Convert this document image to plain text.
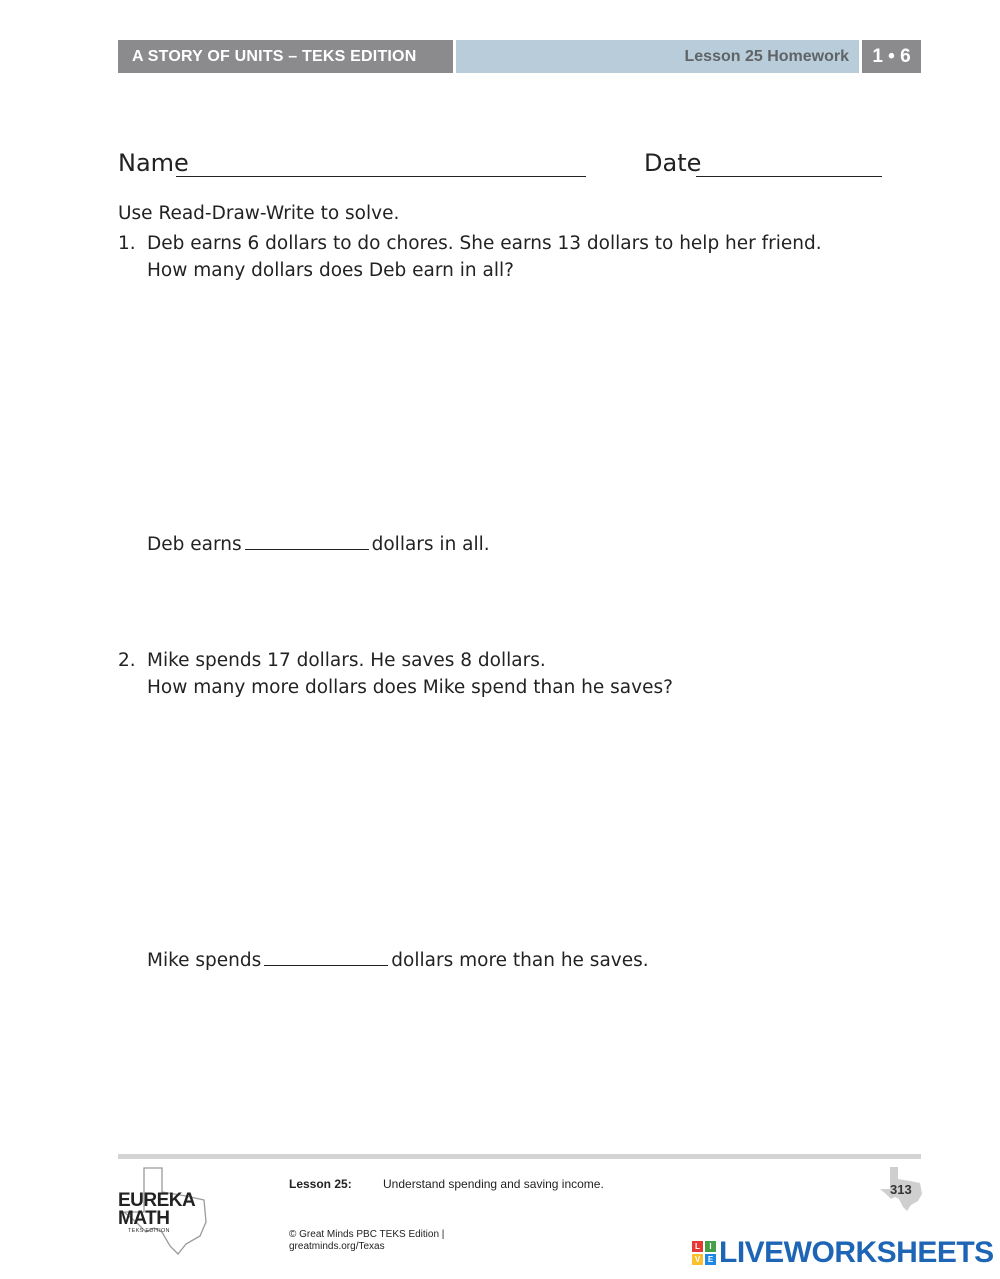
A STORY OF UNITS – TEKS EDITION	Lesson 25 Homework	1 • 6
Name	Date
Use Read-Draw-Write to solve.
1. Deb earns 6 dollars to do chores. She earns 13 dollars to help her friend.
How many dollars does Deb earn in all?
Deb earns	dollars in all.
2. Mike spends 17 dollars. He saves 8 dollars.
How many more dollars does Mike spend than he saves?
Mike spends	dollars more than he saves.
EUREKA
MATH
TEKS EDITION
Lesson 25:	Understand spending and saving income.
© Great Minds PBC TEKS Edition |
greatminds.org/Texas
313
L	I
V E LIVEWORKSHEETS
